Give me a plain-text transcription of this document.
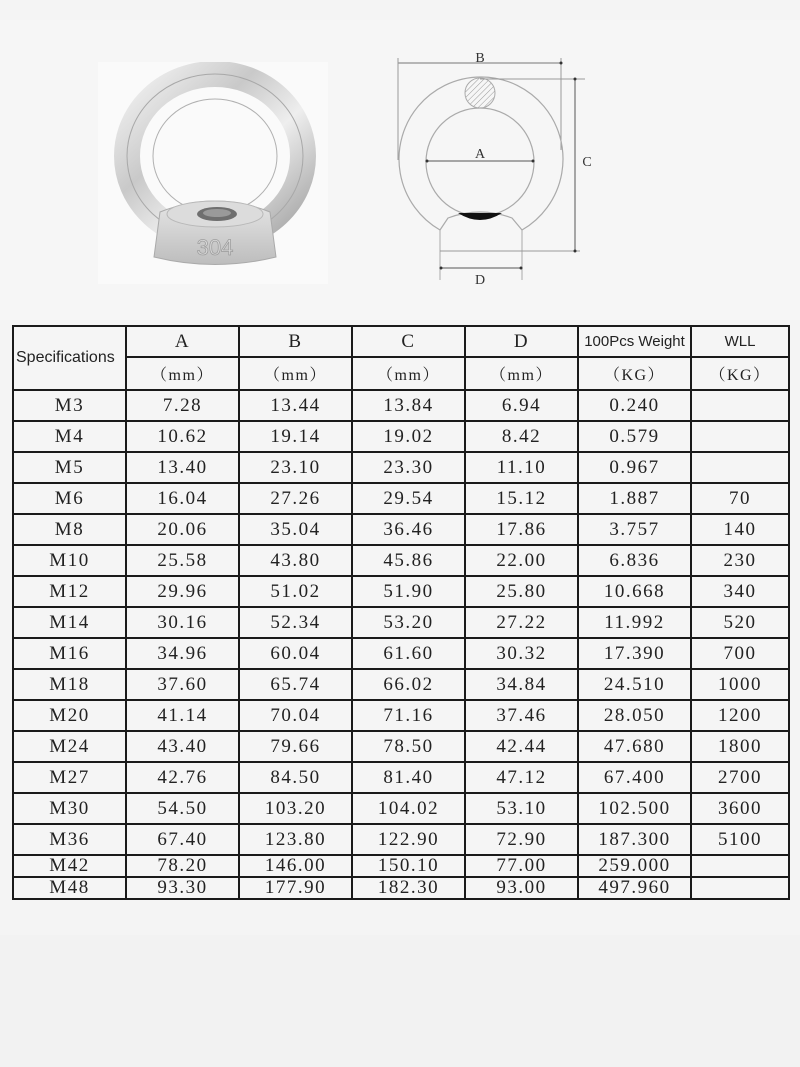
304
B
A
C
D
Specifications	A	B	C	D	100Pcs Weight	WLL
	（mm）	（mm）	（mm）	（mm）	（KG）	（KG）
M3	7.28	13.44	13.84	6.94	0.240	
M4	10.62	19.14	19.02	8.42	0.579	
M5	13.40	23.10	23.30	11.10	0.967	
M6	16.04	27.26	29.54	15.12	1.887	70
M8	20.06	35.04	36.46	17.86	3.757	140
M10	25.58	43.80	45.86	22.00	6.836	230
M12	29.96	51.02	51.90	25.80	10.668	340
M14	30.16	52.34	53.20	27.22	11.992	520
M16	34.96	60.04	61.60	30.32	17.390	700
M18	37.60	65.74	66.02	34.84	24.510	1000
M20	41.14	70.04	71.16	37.46	28.050	1200
M24	43.40	79.66	78.50	42.44	47.680	1800
M27	42.76	84.50	81.40	47.12	67.400	2700
M30	54.50	103.20	104.02	53.10	102.500	3600
M36	67.40	123.80	122.90	72.90	187.300	5100
M42	78.20	146.00	150.10	77.00	259.000	
M48	93.30	177.90	182.30	93.00	497.960	
